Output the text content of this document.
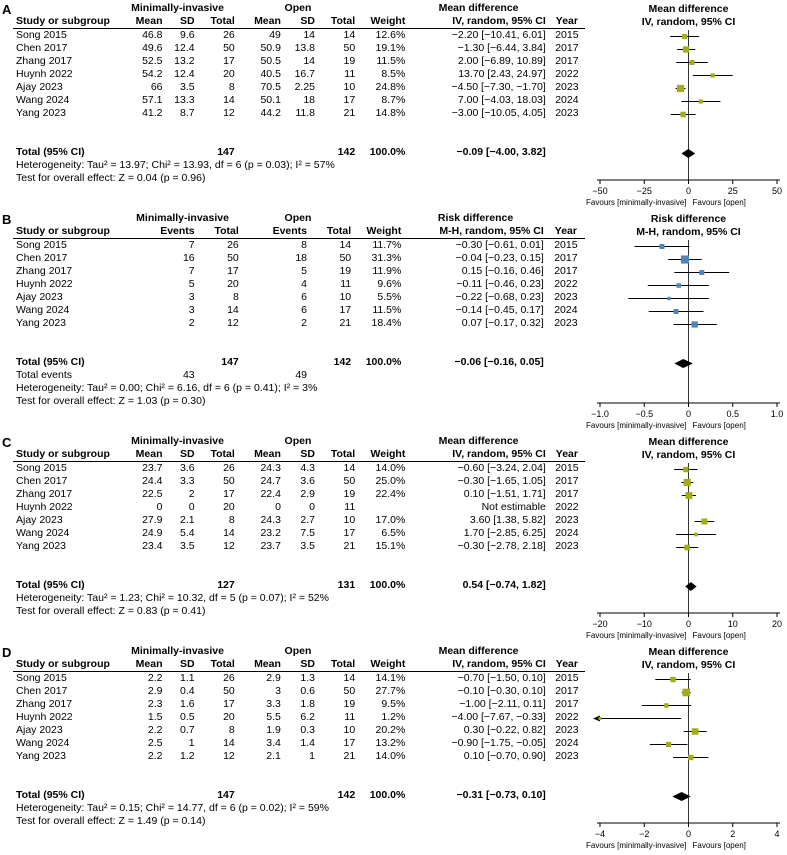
A
		Minimally-invasive			Open				Mean difference	
Study or subgroup	Mean	SD	Total	Mean	SD	Total	Weight	IV, random, 95% CI	Year
Song 2015	46.8	9.6	26	49	14	14	12.6%	−2.20 [−10.41, 6.01]	2015
Chen 2017	49.6	12.4	50	50.9	13.8	50	19.1%	−1.30 [−6.44, 3.84]	2017
Zhang 2017	52.5	13.2	17	50.5	14	19	11.5%	2.00 [−6.89, 10.89]	2017
Huynh 2022	54.2	12.4	20	40.5	16.7	11	8.5%	13.70 [2.43, 24.97]	2022
Ajay 2023	66	3.5	8	70.5	2.25	10	24.8%	−4.50 [−7.30, −1.70]	2023
Wang 2024	57.1	13.3	14	50.1	18	17	8.7%	7.00 [−4.03, 18.03]	2024
Yang 2023	41.2	8.7	12	44.2	11.8	21	14.8%	−3.00 [−10.05, 4.05]	2023

Total (95% CI)			147			142	100.0%	−0.09 [−4.00, 3.82]	
Heterogeneity: Tau² = 13.97; Chi² = 13.93, df = 6 (p = 0.03); I² = 57%									
Test for overall effect: Z = 0.04 (p = 0.96)									
Mean difference
IV, random, 95% CI
−50	−25	0	25	50
Favours [minimally-invasive] Favours [open]
B
		Minimally-invasive		Open			Risk difference	
Study or subgroup	Events	Total	Events	Total	Weight	M-H, random, 95% CI	Year
Song 2015	7	26	8	14	11.7%	−0.30 [−0.61, 0.01]	2015
Chen 2017	16	50	18	50	31.3%	−0.04 [−0.23, 0.15]	2017
Zhang 2017	7	17	5	19	11.9%	0.15 [−0.16, 0.46]	2017
Huynh 2022	5	20	4	11	9.6%	−0.11 [−0.46, 0.23]	2022
Ajay 2023	3	8	6	10	5.5%	−0.22 [−0.68, 0.23]	2023
Wang 2024	3	14	6	17	11.5%	−0.14 [−0.45, 0.17]	2024
Yang 2023	2	12	2	21	18.4%	0.07 [−0.17, 0.32]	2023

Total (95% CI)		147		142	100.0%	−0.06 [−0.16, 0.05]	
Total events	43		49				
Heterogeneity: Tau² = 0.00; Chi² = 6.16, df = 6 (p = 0.41); I² = 3%							
Test for overall effect: Z = 1.03 (p = 0.30)							
Risk difference
M-H, random, 95% CI
−1.0	−0.5	0	0.5	1.0
Favours [minimally-invasive] Favours [open]
C
		Minimally-invasive			Open				Mean difference	
Study or subgroup	Mean	SD	Total	Mean	SD	Total	Weight	IV, random, 95% CI	Year
Song 2015	23.7	3.6	26	24.3	4.3	14	14.0%	−0.60 [−3.24, 2.04]	2015
Chen 2017	24.4	3.3	50	24.7	3.6	50	25.0%	−0.30 [−1.65, 1.05]	2017
Zhang 2017	22.5	2	17	22.4	2.9	19	22.4%	0.10 [−1.51, 1.71]	2017
Huynh 2022	0	0	20	0	0	11		Not estimable	2022
Ajay 2023	27.9	2.1	8	24.3	2.7	10	17.0%	3.60 [1.38, 5.82]	2023
Wang 2024	24.9	5.4	14	23.2	7.5	17	6.5%	1.70 [−2.85, 6.25]	2024
Yang 2023	23.4	3.5	12	23.7	3.5	21	15.1%	−0.30 [−2.78, 2.18]	2023

Total (95% CI)			127			131	100.0%	0.54 [−0.74, 1.82]	
Heterogeneity: Tau² = 1.23; Chi² = 10.32, df = 5 (p = 0.07); I² = 52%									
Test for overall effect: Z = 0.83 (p = 0.41)									
Mean difference
IV, random, 95% CI
−20	−10	0	10	20
Favours [minimally-invasive] Favours [open]
D
		Minimally-invasive			Open				Mean difference	
Study or subgroup	Mean	SD	Total	Mean	SD	Total	Weight	IV, random, 95% CI	Year
Song 2015	2.2	1.1	26	2.9	1.3	14	14.1%	−0.70 [−1.50, 0.10]	2015
Chen 2017	2.9	0.4	50	3	0.6	50	27.7%	−0.10 [−0.30, 0.10]	2017
Zhang 2017	2.3	1.6	17	3.3	1.8	19	9.5%	−1.00 [−2.11, 0.11]	2017
Huynh 2022	1.5	0.5	20	5.5	6.2	11	1.2%	−4.00 [−7.67, −0.33]	2022
Ajay 2023	2.2	0.7	8	1.9	0.3	10	20.2%	0.30 [−0.22, 0.82]	2023
Wang 2024	2.5	1	14	3.4	1.4	17	13.2%	−0.90 [−1.75, −0.05]	2024
Yang 2023	2.2	1.2	12	2.1	1	21	14.0%	0.10 [−0.70, 0.90]	2023

Total (95% CI)			147			142	100.0%	−0.31 [−0.73, 0.10]	
Heterogeneity: Tau² = 0.15; Chi² = 14.77, df = 6 (p = 0.02); I² = 59%									
Test for overall effect: Z = 1.49 (p = 0.14)									
Mean difference
IV, random, 95% CI
−4	−2	0	2	4
Favours [minimally-invasive] Favours [open]
